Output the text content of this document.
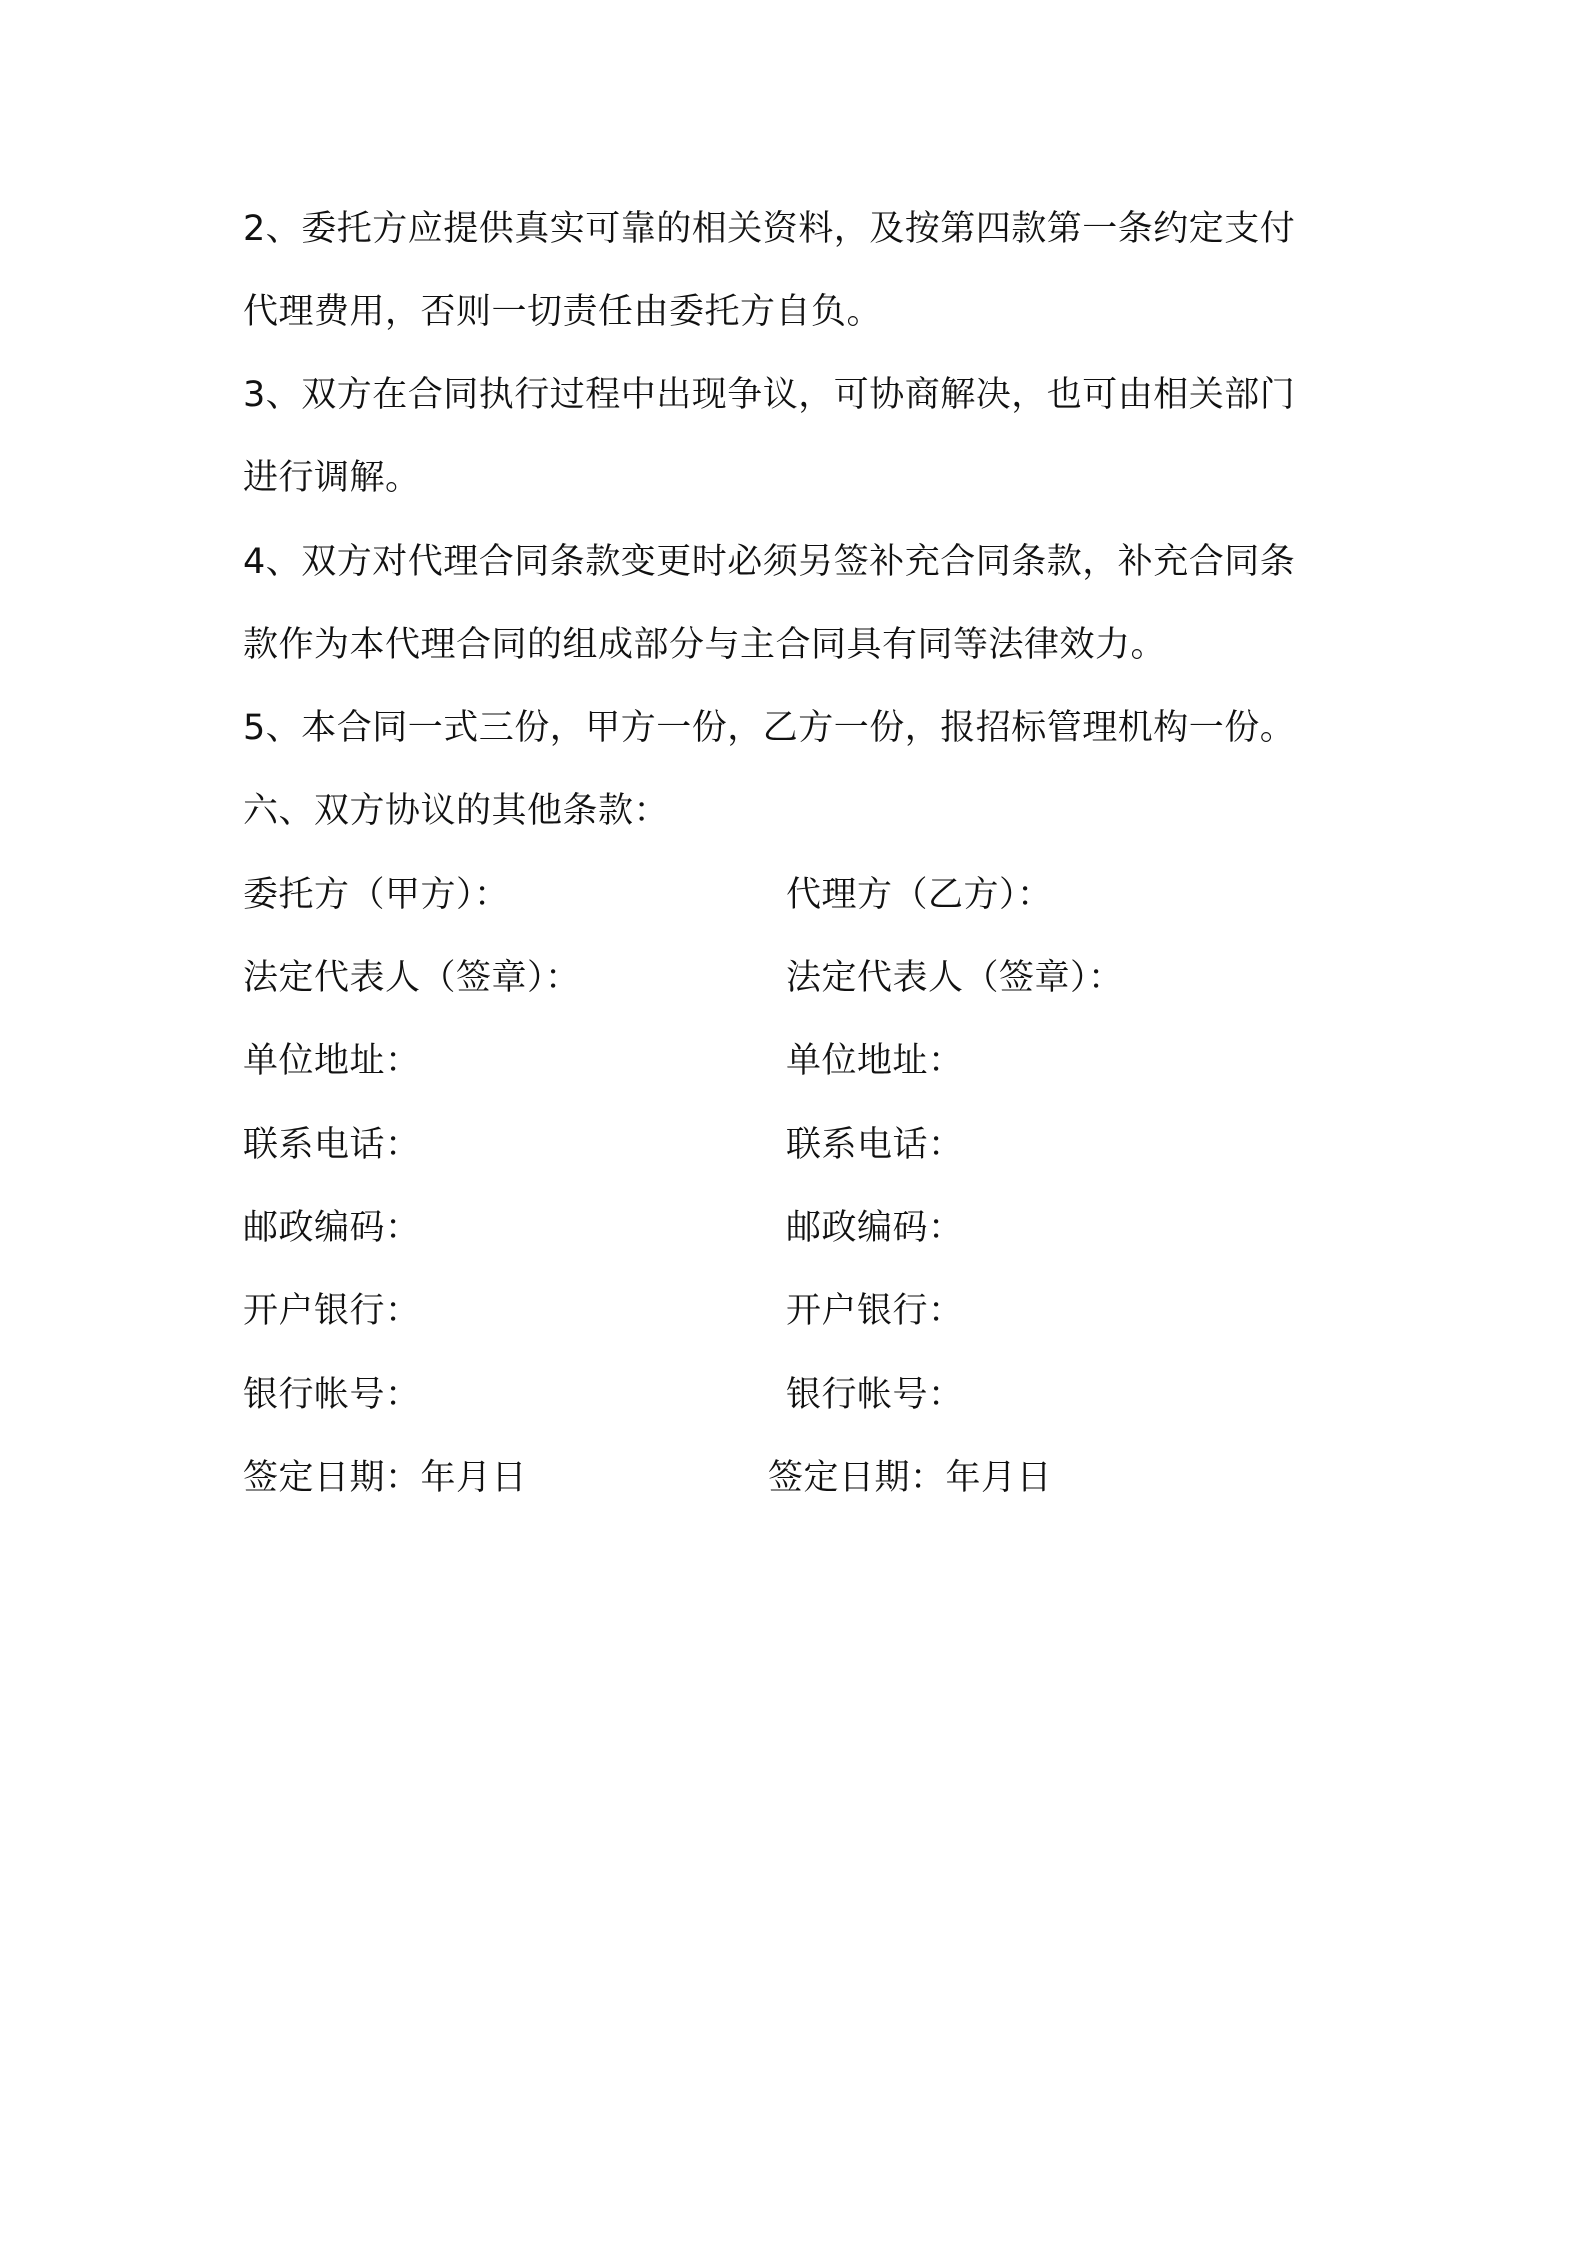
2、委托方应提供真实可靠的相关资料，及按第四款第一条约定支付
代理费用，否则一切责任由委托方自负。
3、双方在合同执行过程中出现争议，可协商解决，也可由相关部门
进行调解。
4、双方对代理合同条款变更时必须另签补充合同条款，补充合同条
款作为本代理合同的组成部分与主合同具有同等法律效力。
5、本合同一式三份，甲方一份，乙方一份，报招标管理机构一份。
六、双方协议的其他条款：
委托方（甲方）：
法定代表人（签章）：
单位地址：
联系电话：
邮政编码：
开户银行：
银行帐号：
签定日期：年月日
代理方（乙方）：
法定代表人（签章）：
单位地址：
联系电话：
邮政编码：
开户银行：
银行帐号：
签定日期：年月日
